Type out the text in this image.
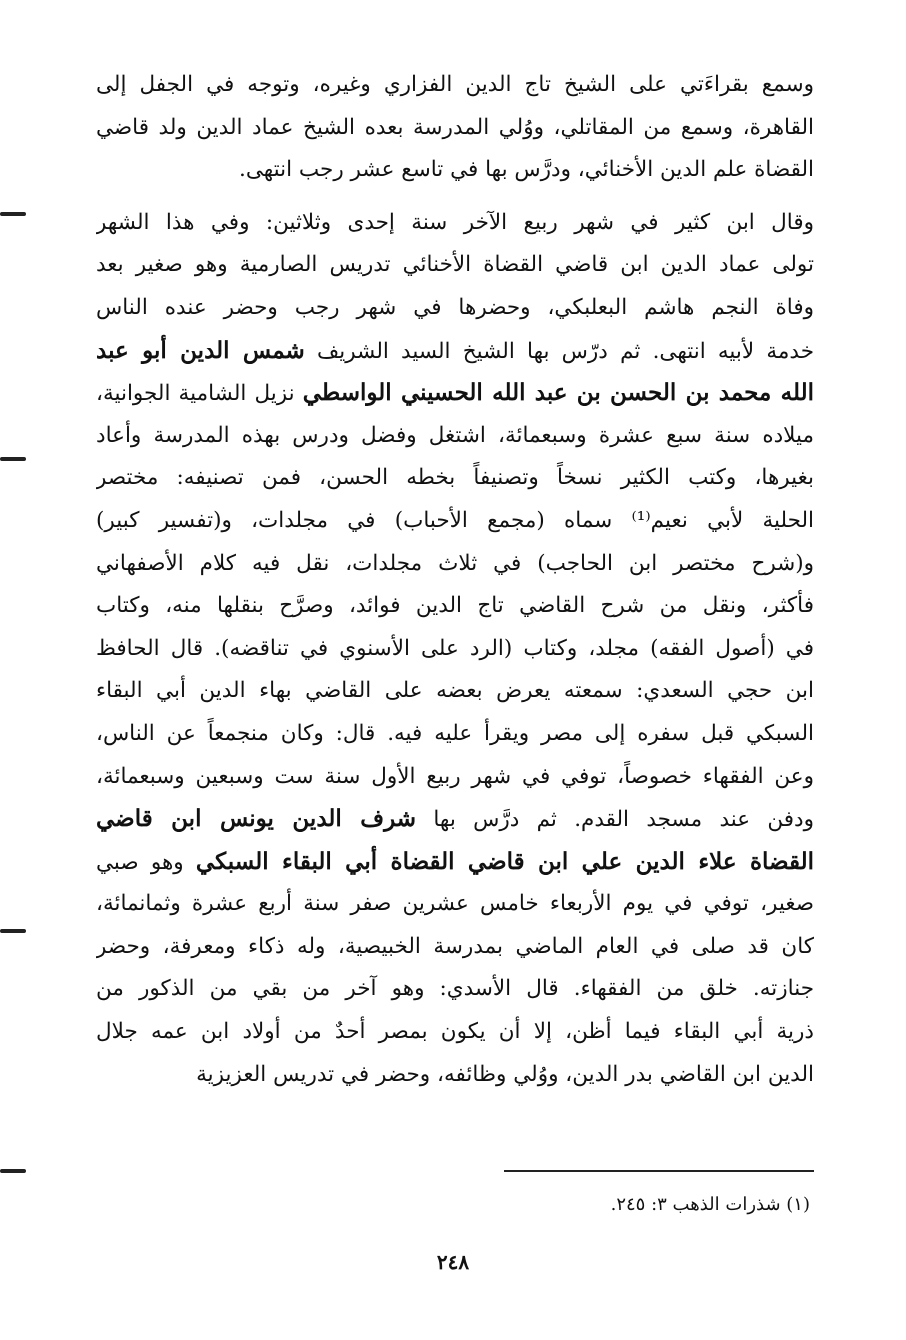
وسمع بقراءَتي على الشيخ تاج الدين الفزاري وغيره، وتوجه في الجفل إلى
القاهرة، وسمع من المقاتلي، ووُلي المدرسة بعده الشيخ عماد الدين ولد قاضي
القضاة علم الدين الأخنائي، ودرَّس بها في تاسع عشر رجب انتهى.
وقال ابن كثير في شهر ربيع الآخر سنة إحدى وثلاثين: وفي هذا الشهر
تولى عماد الدين ابن قاضي القضاة الأخنائي تدريس الصارمية وهو صغير بعد
وفاة النجم هاشم البعلبكي، وحضرها في شهر رجب وحضر عنده الناس
خدمة لأبيه انتهى. ثم درّس بها الشيخ السيد الشريف شمس الدين أبو عبد
الله محمد بن الحسن بن عبد الله الحسيني الواسطي نزيل الشامية الجوانية،
ميلاده سنة سبع عشرة وسبعمائة، اشتغل وفضل ودرس بهذه المدرسة وأعاد
بغيرها، وكتب الكثير نسخاً وتصنيفاً بخطه الحسن، فمن تصنيفه: مختصر
الحلية لأبي نعيم⁽¹⁾ سماه (مجمع الأحباب) في مجلدات، و(تفسير كبير)
و(شرح مختصر ابن الحاجب) في ثلاث مجلدات، نقل فيه كلام الأصفهاني
فأكثر، ونقل من شرح القاضي تاج الدين فوائد، وصرَّح بنقلها منه، وكتاب
في (أصول الفقه) مجلد، وكتاب (الرد على الأسنوي في تناقضه). قال الحافظ
ابن حجي السعدي: سمعته يعرض بعضه على القاضي بهاء الدين أبي البقاء
السبكي قبل سفره إلى مصر ويقرأ عليه فيه. قال: وكان منجمعاً عن الناس،
وعن الفقهاء خصوصاً، توفي في شهر ربيع الأول سنة ست وسبعين وسبعمائة،
ودفن عند مسجد القدم. ثم درَّس بها شرف الدين يونس ابن قاضي
القضاة علاء الدين علي ابن قاضي القضاة أبي البقاء السبكي وهو صبي
صغير، توفي في يوم الأربعاء خامس عشرين صفر سنة أربع عشرة وثمانمائة،
كان قد صلى في العام الماضي بمدرسة الخبيصية، وله ذكاء ومعرفة، وحضر
جنازته. خلق من الفقهاء. قال الأسدي: وهو آخر من بقي من الذكور من
ذرية أبي البقاء فيما أظن، إلا أن يكون بمصر أحدٌ من أولاد ابن عمه جلال
الدين ابن القاضي بدر الدين، ووُلي وظائفه، وحضر في تدريس العزيزية
(١) شذرات الذهب ٣: ٢٤٥.
٢٤٨
